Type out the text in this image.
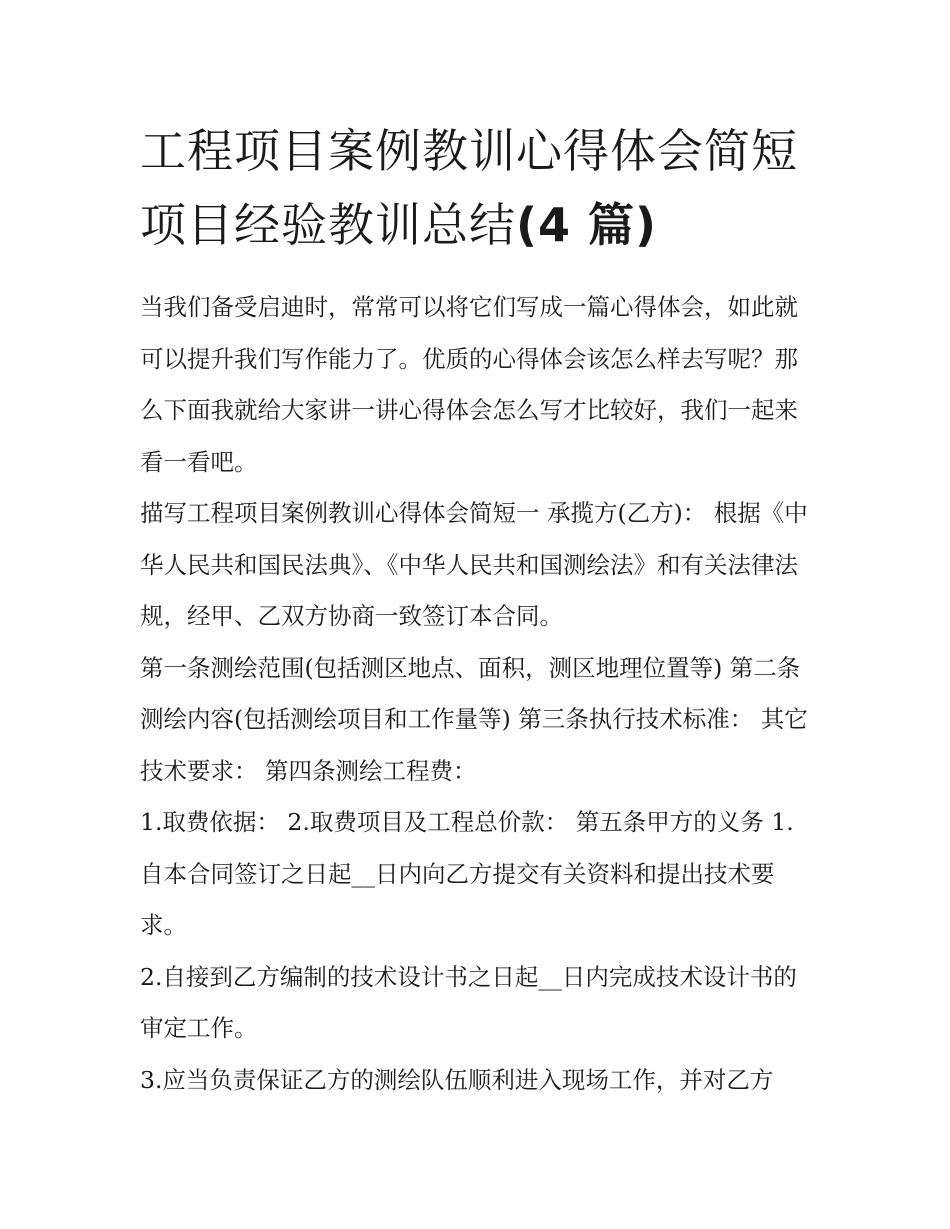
工程项目案例教训心得体会简短 项目经验教训总结(4 篇)

当我们备受启迪时，常常可以将它们写成一篇心得体会，如此就可以提升我们写作能力了。优质的心得体会该怎么样去写呢？那么下面我就给大家讲一讲心得体会怎么写才比较好，我们一起来看一看吧。

描写工程项目案例教训心得体会简短一 承揽方(乙方)： 根据《中华人民共和国民法典》、《中华人民共和国测绘法》和有关法律法规，经甲、乙双方协商一致签订本合同。

第一条测绘范围(包括测区地点、面积，测区地理位置等) 第二条测绘内容(包括测绘项目和工作量等) 第三条执行技术标准： 其它技术要求： 第四条测绘工程费：

1.取费依据： 2.取费项目及工程总价款： 第五条甲方的义务 1.自本合同签订之日起__日内向乙方提交有关资料和提出技术要求。

2.自接到乙方编制的技术设计书之日起__日内完成技术设计书的审定工作。

3.应当负责保证乙方的测绘队伍顺利进入现场工作，并对乙方
